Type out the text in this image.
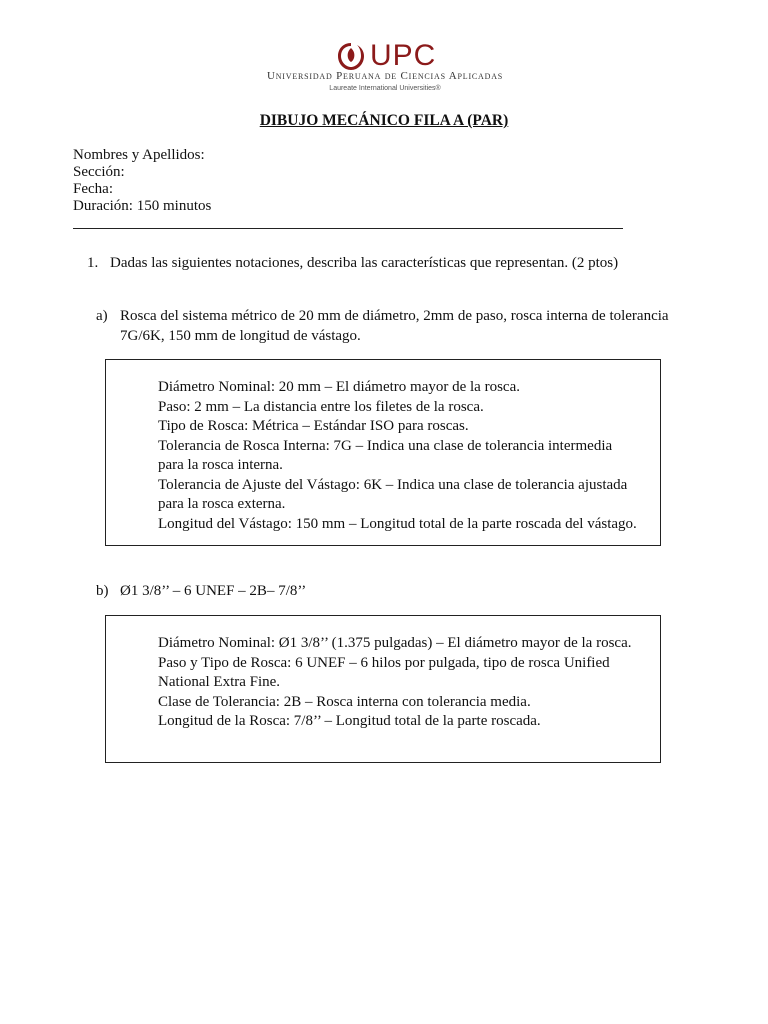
UPC
Universidad Peruana de Ciencias Aplicadas
Laureate International Universities®
DIBUJO MECÁNICO FILA A (PAR)
Nombres y Apellidos:
Sección:
Fecha:
Duración: 150 minutos
1. Dadas las siguientes notaciones, describa las características que representan. (2 ptos)
a) Rosca del sistema métrico de 20 mm de diámetro, 2mm de paso, rosca interna de tolerancia
7G/6K, 150 mm de longitud de vástago.
Diámetro Nominal: 20 mm – El diámetro mayor de la rosca.
Paso: 2 mm – La distancia entre los filetes de la rosca.
Tipo de Rosca: Métrica – Estándar ISO para roscas.
Tolerancia de Rosca Interna: 7G – Indica una clase de tolerancia intermedia
para la rosca interna.
Tolerancia de Ajuste del Vástago: 6K – Indica una clase de tolerancia ajustada
para la rosca externa.
Longitud del Vástago: 150 mm – Longitud total de la parte roscada del vástago.
b) Ø1 3/8’’ – 6 UNEF – 2B– 7/8’’
Diámetro Nominal: Ø1 3/8’’ (1.375 pulgadas) – El diámetro mayor de la rosca.
Paso y Tipo de Rosca: 6 UNEF – 6 hilos por pulgada, tipo de rosca Unified
National Extra Fine.
Clase de Tolerancia: 2B – Rosca interna con tolerancia media.
Longitud de la Rosca: 7/8’’ – Longitud total de la parte roscada.
